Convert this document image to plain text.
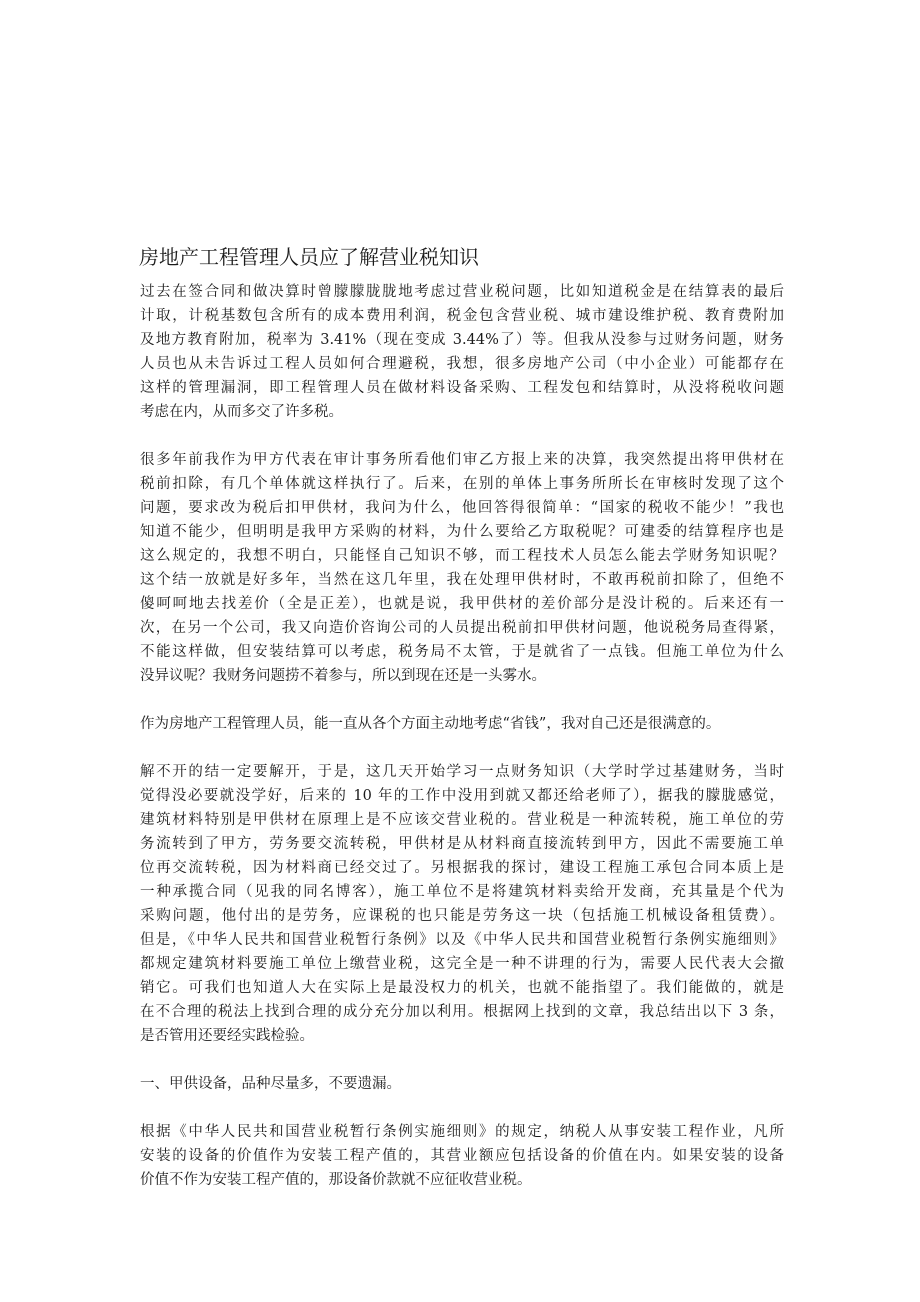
房地产工程管理人员应了解营业税知识
过去在签合同和做决算时曾朦朦胧胧地考虑过营业税问题，比如知道税金是在结算表的最后
计取，计税基数包含所有的成本费用利润，税金包含营业税、城市建设维护税、教育费附加
及地方教育附加，税率为 3.41%（现在变成 3.44%了）等。但我从没参与过财务问题，财务
人员也从未告诉过工程人员如何合理避税，我想，很多房地产公司（中小企业）可能都存在
这样的管理漏洞，即工程管理人员在做材料设备采购、工程发包和结算时，从没将税收问题
考虑在内，从而多交了许多税。
很多年前我作为甲方代表在审计事务所看他们审乙方报上来的决算，我突然提出将甲供材在
税前扣除，有几个单体就这样执行了。后来，在别的单体上事务所所长在审核时发现了这个
问题，要求改为税后扣甲供材，我问为什么，他回答得很简单：“国家的税收不能少！”我也
知道不能少，但明明是我甲方采购的材料，为什么要给乙方取税呢？可建委的结算程序也是
这么规定的，我想不明白，只能怪自己知识不够，而工程技术人员怎么能去学财务知识呢？
这个结一放就是好多年，当然在这几年里，我在处理甲供材时，不敢再税前扣除了，但绝不
傻呵呵地去找差价（全是正差），也就是说，我甲供材的差价部分是没计税的。后来还有一
次，在另一个公司，我又向造价咨询公司的人员提出税前扣甲供材问题，他说税务局查得紧，
不能这样做，但安装结算可以考虑，税务局不太管，于是就省了一点钱。但施工单位为什么
没异议呢？我财务问题捞不着参与，所以到现在还是一头雾水。
作为房地产工程管理人员，能一直从各个方面主动地考虑“省钱”，我对自己还是很满意的。
解不开的结一定要解开，于是，这几天开始学习一点财务知识（大学时学过基建财务，当时
觉得没必要就没学好，后来的 10 年的工作中没用到就又都还给老师了），据我的朦胧感觉，
建筑材料特别是甲供材在原理上是不应该交营业税的。营业税是一种流转税，施工单位的劳
务流转到了甲方，劳务要交流转税，甲供材是从材料商直接流转到甲方，因此不需要施工单
位再交流转税，因为材料商已经交过了。另根据我的探讨，建设工程施工承包合同本质上是
一种承揽合同（见我的同名博客），施工单位不是将建筑材料卖给开发商，充其量是个代为
采购问题，他付出的是劳务，应课税的也只能是劳务这一块（包括施工机械设备租赁费）。
但是，《中华人民共和国营业税暂行条例》以及《中华人民共和国营业税暂行条例实施细则》
都规定建筑材料要施工单位上缴营业税，这完全是一种不讲理的行为，需要人民代表大会撤
销它。可我们也知道人大在实际上是最没权力的机关，也就不能指望了。我们能做的，就是
在不合理的税法上找到合理的成分充分加以利用。根据网上找到的文章，我总结出以下 3 条，
是否管用还要经实践检验。
一、甲供设备，品种尽量多，不要遗漏。
根据《中华人民共和国营业税暂行条例实施细则》的规定，纳税人从事安装工程作业，凡所
安装的设备的价值作为安装工程产值的，其营业额应包括设备的价值在内。如果安装的设备
价值不作为安装工程产值的，那设备价款就不应征收营业税。
